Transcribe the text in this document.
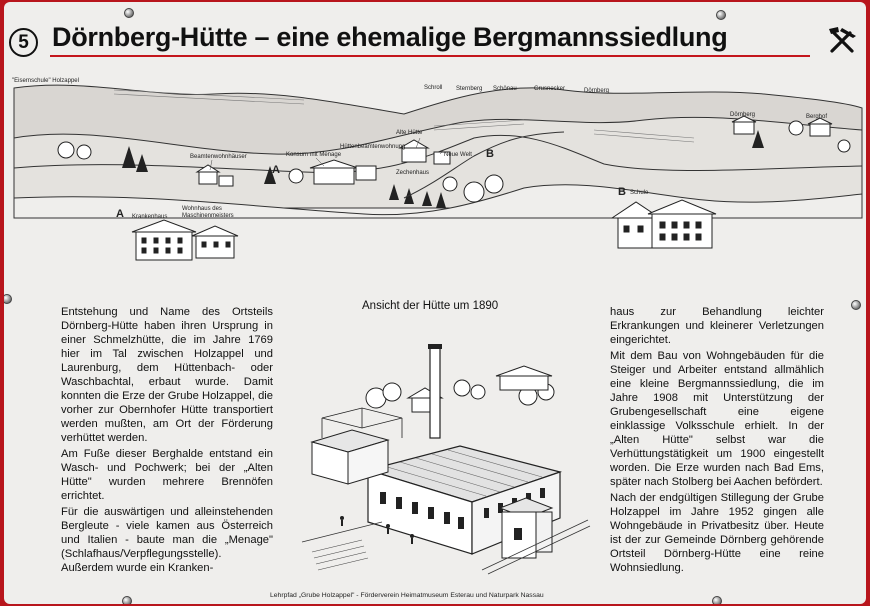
5 Dörnberg-Hütte – eine ehemalige Bergmannssiedlung
"Eisernschule" Holzappel
Schroll Sternberg Schönau	Grusnecker	Dörnberg
Dörnberg	Berghof
Beamtenwohnhäuser	Konsum mit Menage
Alte Hütte
Hüttenbeamtenwohnung
Neue Welt
Zechenhaus
Krankenhaus
Wohnhaus des Maschinenmeisters
Schule
A
A
B
B

Entstehung und Name des Ortsteils Dörnberg-Hütte haben ihren Ursprung in einer Schmelzhütte, die im Jahre 1769 hier im Tal zwischen Holzappel und Laurenburg, dem Hüttenbach- oder Waschbachtal, erbaut wurde. Damit konnten die Erze der Grube Holzappel, die vorher zur Obernhofer Hütte transportiert werden mußten, am Ort der Förderung verhüttet werden.

Am Fuße dieser Berghalde entstand ein Wasch- und Pochwerk; bei der „Alten Hütte" wurden mehrere Brennöfen errichtet.

Für die auswärtigen und alleinstehenden Bergleute - viele kamen aus Österreich und Italien - baute man die „Menage" (Schlafhaus/Verpflegungsstelle). Außerdem wurde ein Kranken-

Ansicht der Hütte um 1890	haus zur Behandlung leichter Erkrankungen und kleinerer Verletzungen eingerichtet.

Mit dem Bau von Wohngebäuden für die Steiger und Arbeiter entstand allmählich eine kleine Bergmannssiedlung, die im Jahre 1908 mit Unterstützung der Grubengesellschaft eine eigene einklassige Volksschule erhielt. In der „Alten Hütte" selbst war die Verhüttungstätigkeit um 1900 eingestellt worden. Die Erze wurden nach Bad Ems, später nach Stolberg bei Aachen befördert.

Nach der endgültigen Stillegung der Grube Holzappel im Jahre 1952 gingen alle Wohngebäude in Privatbesitz über. Heute ist der zur Gemeinde Dörnberg gehörende Ortsteil Dörnberg-Hütte eine reine Wohnsiedlung.

Lehrpfad „Grube Holzappel" - Förderverein Heimatmuseum Esterau und Naturpark Nassau
